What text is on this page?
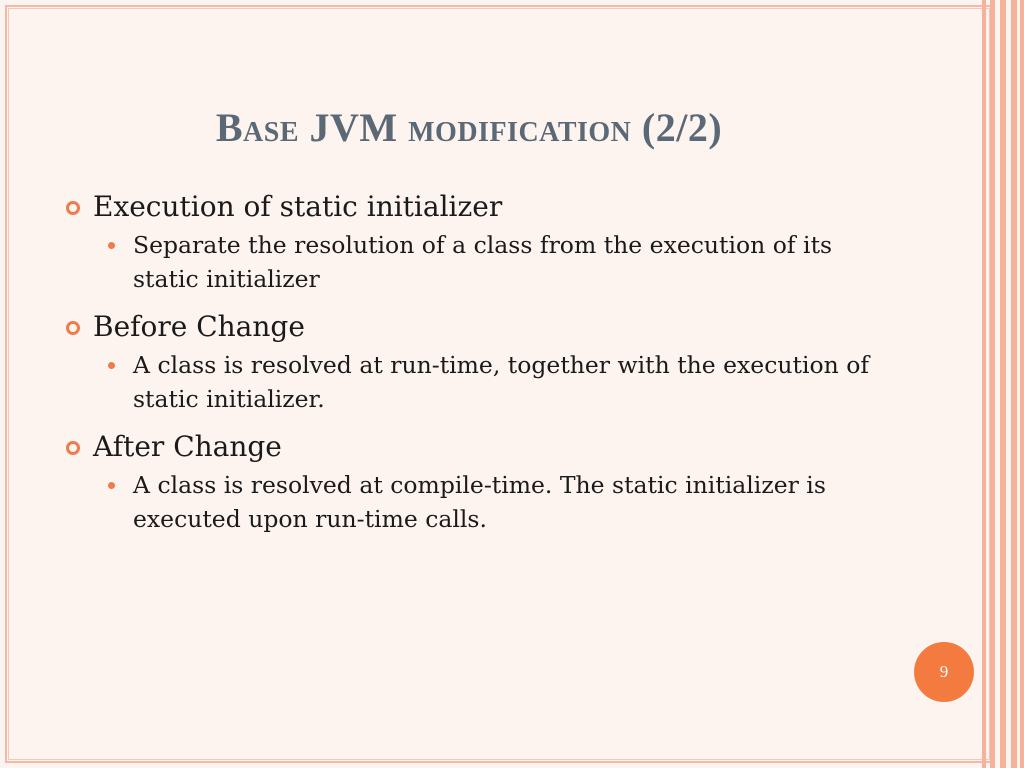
Base JVM modification (2/2)
Execution of static initializer
Separate the resolution of a class from the execution of its static initializer
Before Change
A class is resolved at run-time, together with the execution of static initializer.
After Change
A class is resolved at compile-time. The static initializer is executed upon run-time calls.
9
